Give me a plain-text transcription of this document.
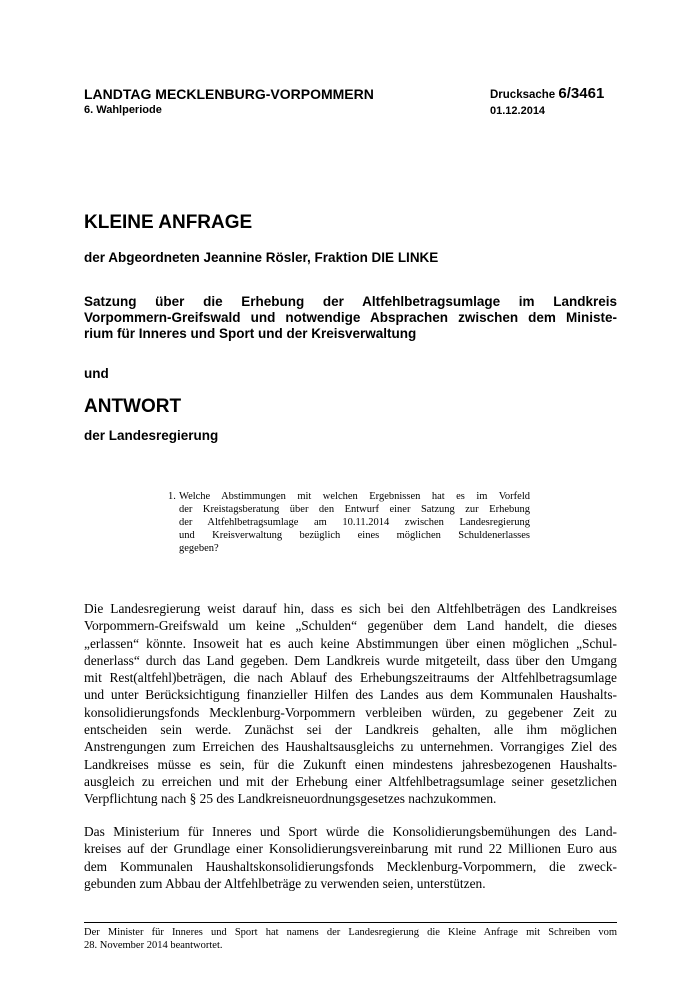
LANDTAG MECKLENBURG-VORPOMMERN
6. Wahlperiode
Drucksache 6/3461
01.12.2014
KLEINE ANFRAGE
der Abgeordneten Jeannine Rösler, Fraktion DIE LINKE
Satzung über die Erhebung der Altfehlbetragsumlage im Landkreis
Vorpommern-Greifswald und notwendige Absprachen zwischen dem Ministe-
rium für Inneres und Sport und der Kreisverwaltung
und
ANTWORT
der Landesregierung
1. Welche Abstimmungen mit welchen Ergebnissen hat es im Vorfeld
der Kreistagsberatung über den Entwurf einer Satzung zur Erhebung
der Altfehlbetragsumlage am 10.11.2014 zwischen Landesregierung
und Kreisverwaltung bezüglich eines möglichen Schuldenerlasses
gegeben?
Die Landesregierung weist darauf hin, dass es sich bei den Altfehlbeträgen des Landkreises
Vorpommern-Greifswald um keine „Schulden“ gegenüber dem Land handelt, die dieses
„erlassen“ könnte. Insoweit hat es auch keine Abstimmungen über einen möglichen „Schul-
denerlass“ durch das Land gegeben. Dem Landkreis wurde mitgeteilt, dass über den Umgang
mit Rest(altfehl)beträgen, die nach Ablauf des Erhebungszeitraums der Altfehlbetragsumlage
und unter Berücksichtigung finanzieller Hilfen des Landes aus dem Kommunalen Haushalts-
konsolidierungsfonds Mecklenburg-Vorpommern verbleiben würden, zu gegebener Zeit zu
entscheiden sein werde. Zunächst sei der Landkreis gehalten, alle ihm möglichen
Anstrengungen zum Erreichen des Haushaltsausgleichs zu unternehmen. Vorrangiges Ziel des
Landkreises müsse es sein, für die Zukunft einen mindestens jahresbezogenen Haushalts-
ausgleich zu erreichen und mit der Erhebung einer Altfehlbetragsumlage seiner gesetzlichen
Verpflichtung nach § 25 des Landkreisneuordnungsgesetzes nachzukommen.
Das Ministerium für Inneres und Sport würde die Konsolidierungsbemühungen des Land-
kreises auf der Grundlage einer Konsolidierungsvereinbarung mit rund 22 Millionen Euro aus
dem Kommunalen Haushaltskonsolidierungsfonds Mecklenburg-Vorpommern, die zweck-
gebunden zum Abbau der Altfehlbeträge zu verwenden seien, unterstützen.
Der Minister für Inneres und Sport hat namens der Landesregierung die Kleine Anfrage mit Schreiben vom
28. November 2014 beantwortet.
